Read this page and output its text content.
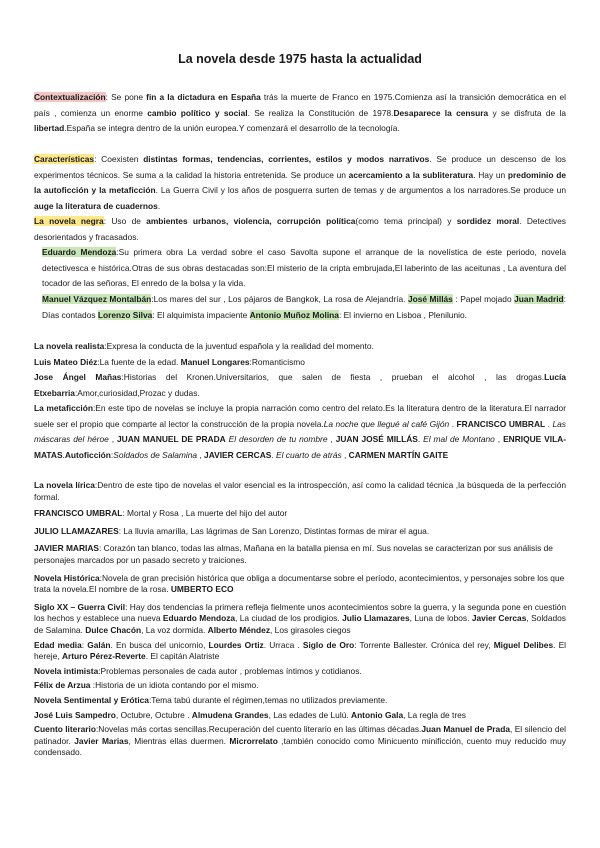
La novela desde 1975 hasta la actualidad
Contextualización: Se pone fin a la dictadura en España trás la muerte de Franco en 1975.Comienza así la transición democrática en el país , comienza un enorme cambio político y social. Se realiza la Constitución de 1978.Desaparece la censura y se disfruta de la libertad.España se integra dentro de la unión europea.Y comenzará el desarrollo de la tecnología.
Características: Coexisten distintas formas, tendencias, corrientes, estilos y modos narrativos. Se produce un descenso de los experimentos técnicos. Se suma a la calidad la historia entretenida. Se produce un acercamiento a la subliteratura. Hay un predominio de la autoficción y la metaficción. La Guerra Civil y los años de posguerra surten de temas y de argumentos a los narradores.Se produce un auge la literatura de cuadernos.
La novela negra: Uso de ambientes urbanos, violencia, corrupción política(como tema principal) y sordidez moral. Detectives desorientados y fracasados.
Eduardo Mendoza:Su primera obra La verdad sobre el caso Savolta supone el arranque de la novelística de este periodo, novela detectivesca e histórica.Otras de sus obras destacadas son:El misterio de la cripta embrujada,El laberinto de las aceitunas , La aventura del tocador de las señoras, El enredo de la bolsa y la vida.
Manuel Vázquez Montalbán:Los mares del sur , Los pájaros de Bangkok, La rosa de Alejandría. José Millás : Papel mojado Juan Madrid: Días contados Lorenzo Silva: El alquimista impaciente Antonio Muñoz Molina: El invierno en Lisboa , Plenilunio.
La novela realista:Expresa la conducta de la juventud española y la realidad del momento.
Luis Mateo Diéz:La fuente de la edad. Manuel Longares:Romanticismo
Jose Ángel Mañas:Historias del Kronen.Universitarios, que salen de fiesta , prueban el alcohol , las drogas.Lucía Etxebarria:Amor,curiosidad,Prozac y dudas.
La metaficción:En este tipo de novelas se incluye la propia narración como centro del relato.Es la literatura dentro de la literatura.El narrador suele ser el propio que comparte al lector la construcción de la propia novela.La noche que llegué al café Gijón . FRANCISCO UMBRAL . Las máscaras del héroe , JUAN MANUEL DE PRADA El desorden de tu nombre , JUAN JOSÉ MILLÁS. El mal de Montano , ENRIQUE VILA-MATAS.Autoficción:Soldados de Salamina , JAVIER CERCAS. El cuarto de atrás , CARMEN MARTÍN GAITE
La novela lírica:Dentro de este tipo de novelas el valor esencial es la introspección, así como la calidad técnica ,la búsqueda de la perfección formal.
FRANCISCO UMBRAL: Mortal y Rosa , La muerte del hijo del autor
JULIO LLAMAZARES: La lluvia amarilla, Las lágrimas de San Lorenzo, Distintas formas de mirar el agua.
JAVIER MARIAS: Corazón tan blanco, todas las almas, Mañana en la batalla piensa en mí. Sus novelas se caracterizan por sus análisis de personajes marcados por un pasado secreto y traiciones.
Novela Histórica:Novela de gran precisión histórica que obliga a documentarse sobre el período, acontecimientos, y personajes sobre los que trata la novela.El nombre de la rosa. UMBERTO ECO
Siglo XX – Guerra Civil: Hay dos tendencias la primera refleja fielmente unos acontecimientos sobre la guerra, y la segunda pone en cuestión los hechos y establece una nueva Eduardo Mendoza, La ciudad de los prodigios. Julio Llamazares, Luna de lobos. Javier Cercas, Soldados de Salamina. Dulce Chacón, La voz dormida. Alberto Méndez, Los girasoles ciegos
Edad media: Galán. En busca del unicornio, Lourdes Ortiz. Urraca . Siglo de Oro: Torrente Ballester. Crónica del rey, Miguel Delibes. El hereje, Arturo Pérez-Reverte. El capitán Alatriste
Novela intimista:Problemas personales de cada autor , problemas íntimos y cotidianos.
Félix de Arzua :Historia de un idiota contando por el mismo.
Novela Sentimental y Erótica:Tema tabú durante el régimen,temas no utilizados previamente.
José Luis Sampedro, Octubre, Octubre . Almudena Grandes, Las edades de Lulú. Antonio Gala, La regla de tres
Cuento literario:Novelas más cortas sencillas.Recuperación del cuento literario en las últimas décadas.Juan Manuel de Prada, El silencio del patinador. Javier Marias, Mientras ellas duermen. Microrrelato ,también conocido como Minicuento minificción, cuento muy reducido muy condensado.
